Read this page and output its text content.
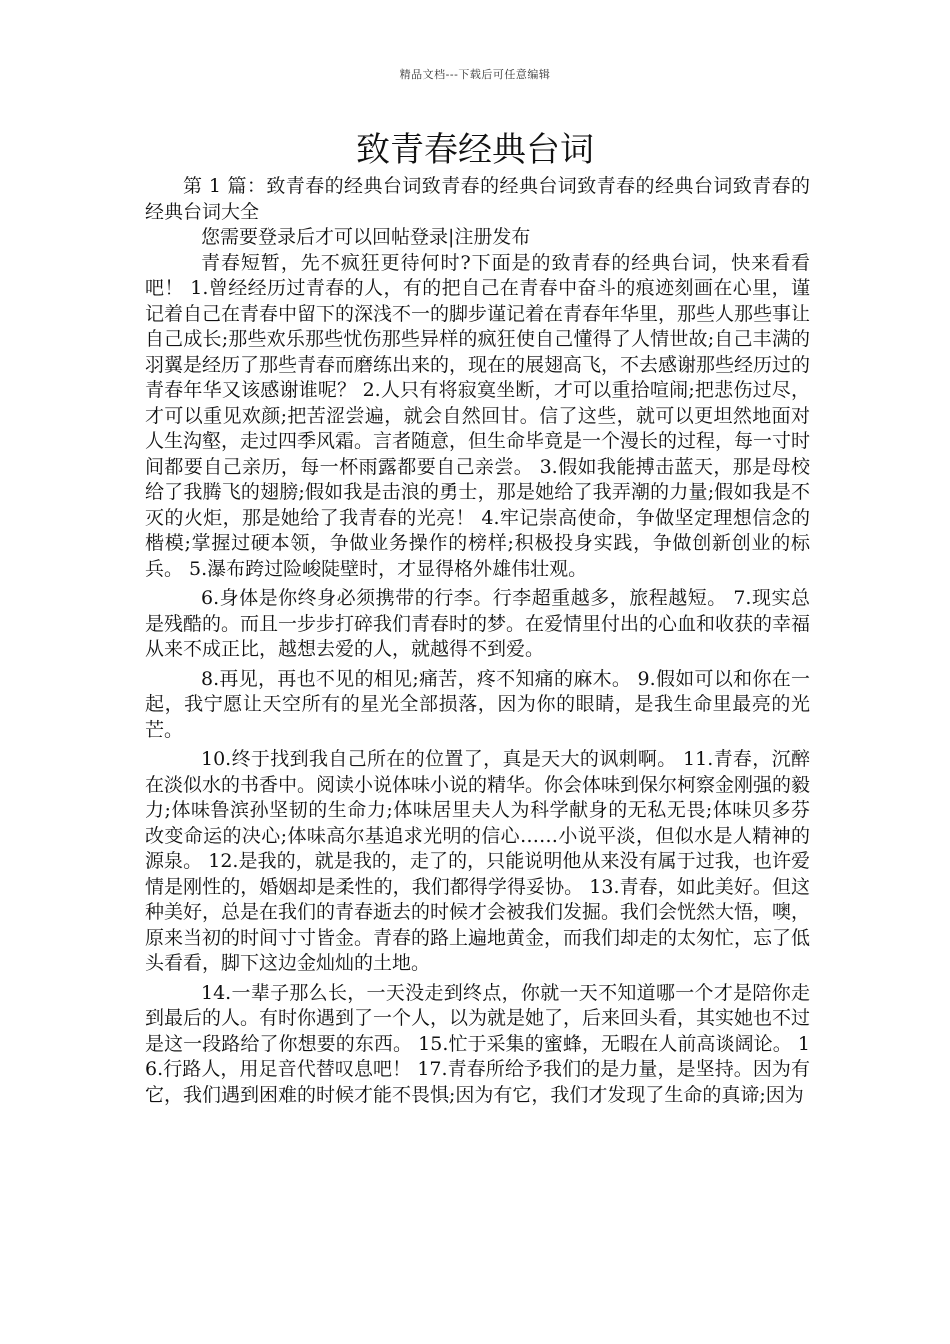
精品文档---下载后可任意编辑
致青春经典台词

第 1 篇：致青春的经典台词致青春的经典台词致青春的经典台词致青春的经典台词大全

您需要登录后才可以回帖登录|注册发布

青春短暂，先不疯狂更待何时?下面是的致青春的经典台词，快来看看吧！ 1.曾经经历过青春的人，有的把自己在青春中奋斗的痕迹刻画在心里，谨记着自己在青春中留下的深浅不一的脚步谨记着在青春年华里，那些人那些事让自己成长;那些欢乐那些忧伤那些异样的疯狂使自己懂得了人情世故;自己丰满的羽翼是经历了那些青春而磨练出来的，现在的展翅高飞，不去感谢那些经历过的青春年华又该感谢谁呢？ 2.人只有将寂寞坐断，才可以重拾喧闹;把悲伤过尽，才可以重见欢颜;把苦涩尝遍，就会自然回甘。信了这些，就可以更坦然地面对人生沟壑，走过四季风霜。言者随意，但生命毕竟是一个漫长的过程，每一寸时间都要自己亲历，每一杯雨露都要自己亲尝。 3.假如我能搏击蓝天，那是母校给了我腾飞的翅膀;假如我是击浪的勇士，那是她给了我弄潮的力量;假如我是不灭的火炬，那是她给了我青春的光亮！ 4.牢记崇高使命，争做坚定理想信念的楷模;掌握过硬本领，争做业务操作的榜样;积极投身实践，争做创新创业的标兵。 5.瀑布跨过险峻陡壁时，才显得格外雄伟壮观。

6.身体是你终身必须携带的行李。行李超重越多，旅程越短。 7.现实总是残酷的。而且一步步打碎我们青春时的梦。在爱情里付出的心血和收获的幸福从来不成正比，越想去爱的人，就越得不到爱。

8.再见，再也不见的相见;痛苦，疼不知痛的麻木。 9.假如可以和你在一起，我宁愿让天空所有的星光全部损落，因为你的眼睛，是我生命里最亮的光芒。

10.终于找到我自己所在的位置了，真是天大的讽刺啊。 11.青春，沉醉在淡似水的书香中。阅读小说体味小说的精华。你会体味到保尔柯察金刚强的毅力;体味鲁滨孙坚韧的生命力;体味居里夫人为科学献身的无私无畏;体味贝多芬改变命运的决心;体味高尔基追求光明的信心……小说平淡，但似水是人精神的源泉。 12.是我的，就是我的，走了的，只能说明他从来没有属于过我，也许爱情是刚性的，婚姻却是柔性的，我们都得学得妥协。 13.青春，如此美好。但这种美好，总是在我们的青春逝去的时候才会被我们发掘。我们会恍然大悟，噢，原来当初的时间寸寸皆金。青春的路上遍地黄金，而我们却走的太匆忙，忘了低头看看，脚下这边金灿灿的土地。

14.一辈子那么长，一天没走到终点，你就一天不知道哪一个才是陪你走到最后的人。有时你遇到了一个人，以为就是她了，后来回头看，其实她也不过是这一段路给了你想要的东西。 15.忙于采集的蜜蜂，无暇在人前高谈阔论。 16.行路人，用足音代替叹息吧！ 17.青春所给予我们的是力量，是坚持。因为有它，我们遇到困难的时候才能不畏惧;因为有它，我们才发现了生命的真谛;因为
